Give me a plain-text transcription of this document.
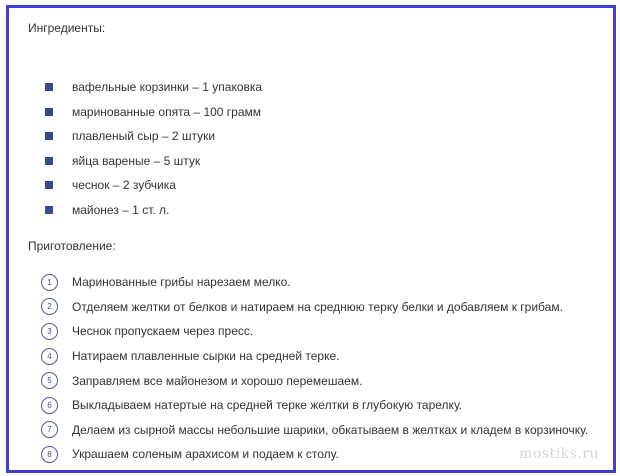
Ингредиенты:
вафельные корзинки – 1 упаковка
маринованные опята – 100 грамм
плавленый сыр – 2 штуки
яйца вареные – 5 штук
чеснок – 2 зубчика
майонез – 1 ст. л.
Приготовление:
1	Маринованные грибы нарезаем мелко.
2	Отделяем желтки от белков и натираем на среднюю терку белки и добавляем к грибам.
3	Чеснок пропускаем через пресс.
4	Натираем плавленные сырки на средней терке.
5	Заправляем все майонезом и хорошо перемешаем.
6	Выкладываем натертые на средней терке желтки в глубокую тарелку.
7	Делаем из сырной массы небольшие шарики, обкатываем в желтках и кладем в корзиночку.
8	Украшаем соленым арахисом и подаем к столу.	mostiks.ru
